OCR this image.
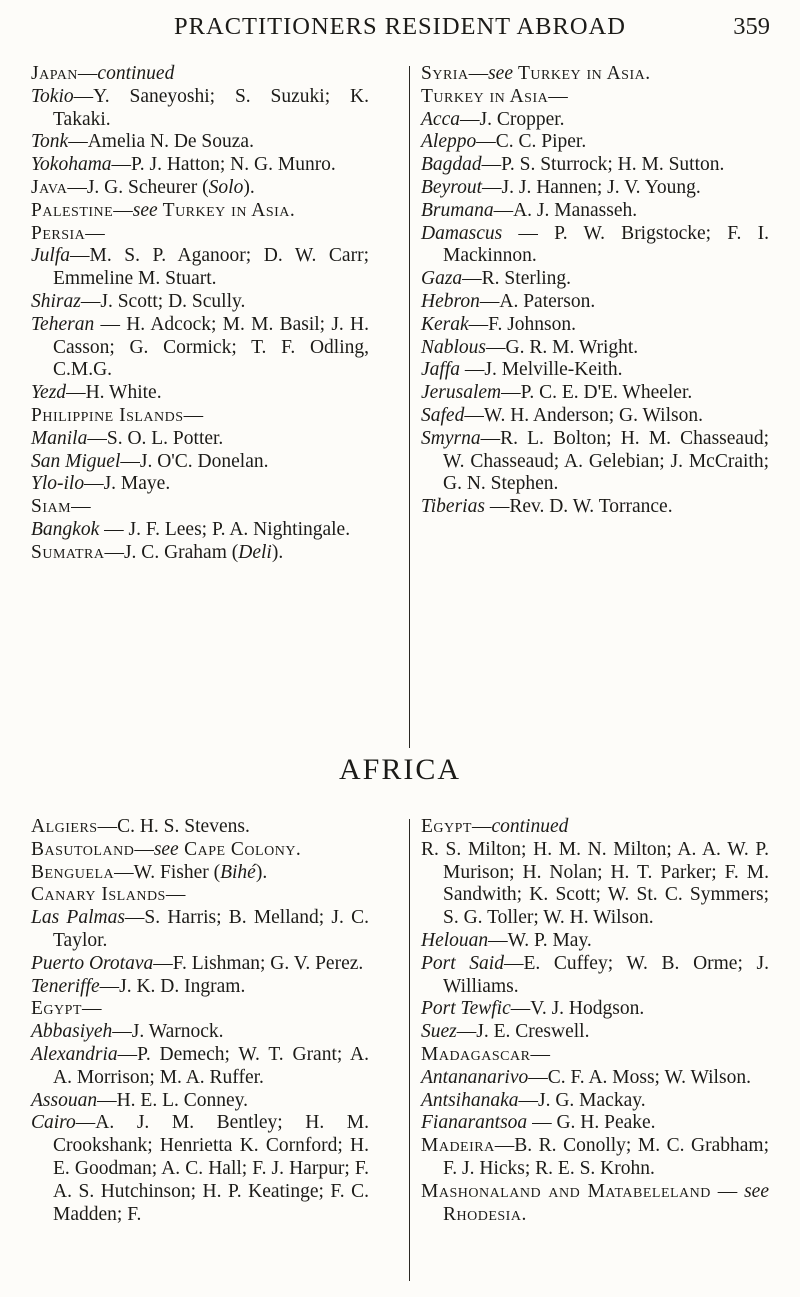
PRACTITIONERS RESIDENT ABROAD	359

Japan—continued

Tokio—Y. Saneyoshi; S. Suzuki; K. Takaki.

Tonk—Amelia N. De Souza.

Yokohama—P. J. Hatton; N. G. Munro.

Java—J. G. Scheurer (Solo).

Palestine—see Turkey in Asia.

Persia—

Julfa—M. S. P. Aganoor; D. W. Carr; Emmeline M. Stuart.

Shiraz—J. Scott; D. Scully.

Teheran — H. Adcock; M. M. Basil; J. H. Casson; G. Cormick; T. F. Odling, C.M.G.

Yezd—H. White.

Philippine Islands—

Manila—S. O. L. Potter.

San Miguel—J. O'C. Donelan.

Ylo-ilo—J. Maye.

Siam—

Bangkok — J. F. Lees; P. A. Nightingale.

Sumatra—J. C. Graham (Deli).

Syria—see Turkey in Asia.

Turkey in Asia—

Acca—J. Cropper.

Aleppo—C. C. Piper.

Bagdad—P. S. Sturrock; H. M. Sutton.

Beyrout—J. J. Hannen; J. V. Young.

Brumana—A. J. Manasseh.

Damascus — P. W. Brigstocke; F. I. Mackinnon.

Gaza—R. Sterling.

Hebron—A. Paterson.

Kerak—F. Johnson.

Nablous—G. R. M. Wright.

Jaffa —J. Melville-Keith.

Jerusalem—P. C. E. D'E. Wheeler.

Safed—W. H. Anderson; G. Wilson.

Smyrna—R. L. Bolton; H. M. Chasseaud; W. Chasseaud; A. Gelebian; J. McCraith; G. N. Stephen.

Tiberias —Rev. D. W. Torrance.

AFRICA

Algiers—C. H. S. Stevens.

Basutoland—see Cape Colony.

Benguela—W. Fisher (Bihé).

Canary Islands—

Las Palmas—S. Harris; B. Melland; J. C. Taylor.

Puerto Orotava—F. Lishman; G. V. Perez.

Teneriffe—J. K. D. Ingram.

Egypt—

Abbasiyeh—J. Warnock.

Alexandria—P. Demech; W. T. Grant; A. A. Morrison; M. A. Ruffer.

Assouan—H. E. L. Conney.

Cairo—A. J. M. Bentley; H. M. Crookshank; Henrietta K. Cornford; H. E. Goodman; A. C. Hall; F. J. Harpur; F. A. S. Hutchinson; H. P. Keatinge; F. C. Madden; F.

Egypt—continued

R. S. Milton; H. M. N. Milton; A. A. W. P. Murison; H. Nolan; H. T. Parker; F. M. Sandwith; K. Scott; W. St. C. Symmers; S. G. Toller; W. H. Wilson.

Helouan—W. P. May.

Port Said—E. Cuffey; W. B. Orme; J. Williams.

Port Tewfic—V. J. Hodgson.

Suez—J. E. Creswell.

Madagascar—

Antananarivo—C. F. A. Moss; W. Wilson.

Antsihanaka—J. G. Mackay.

Fianarantsoa — G. H. Peake.

Madeira—B. R. Conolly; M. C. Grabham; F. J. Hicks; R. E. S. Krohn.

Mashonaland and Matabeleland — see Rhodesia.
